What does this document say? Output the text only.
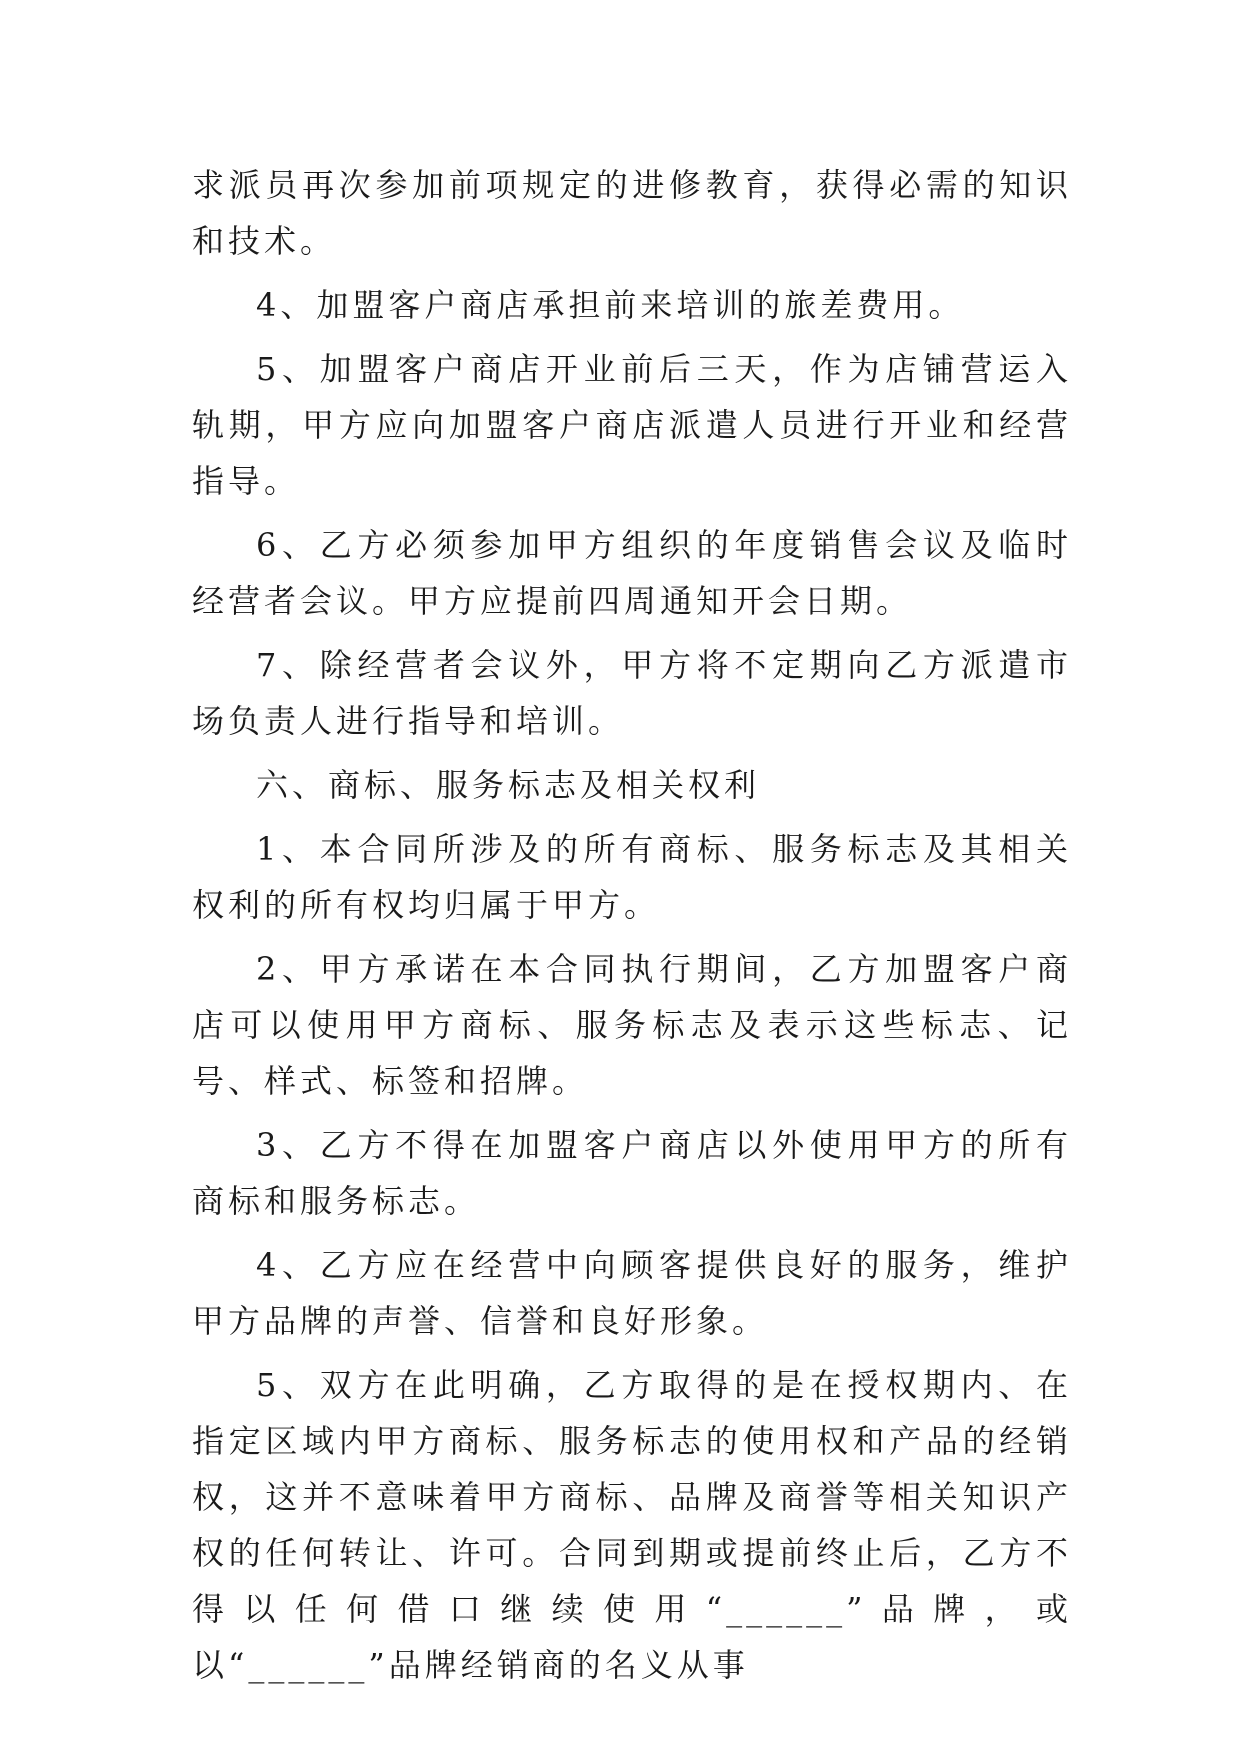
求派员再次参加前项规定的进修教育，获得必需的知识和技术。

4、加盟客户商店承担前来培训的旅差费用。

5、加盟客户商店开业前后三天，作为店铺营运入轨期，甲方应向加盟客户商店派遣人员进行开业和经营指导。

6、乙方必须参加甲方组织的年度销售会议及临时经营者会议。甲方应提前四周通知开会日期。

7、除经营者会议外，甲方将不定期向乙方派遣市场负责人进行指导和培训。

六、商标、服务标志及相关权利

1、本合同所涉及的所有商标、服务标志及其相关权利的所有权均归属于甲方。

2、甲方承诺在本合同执行期间，乙方加盟客户商店可以使用甲方商标、服务标志及表示这些标志、记号、样式、标签和招牌。

3、乙方不得在加盟客户商店以外使用甲方的所有商标和服务标志。

4、乙方应在经营中向顾客提供良好的服务，维护甲方品牌的声誉、信誉和良好形象。

5、双方在此明确，乙方取得的是在授权期内、在指定区域内甲方商标、服务标志的使用权和产品的经销权，这并不意味着甲方商标、品牌及商誉等相关知识产权的任何转让、许可。合同到期或提前终止后，乙方不得以任何借口继续使用“______”品牌，或以“______”品牌经销商的名义从事
